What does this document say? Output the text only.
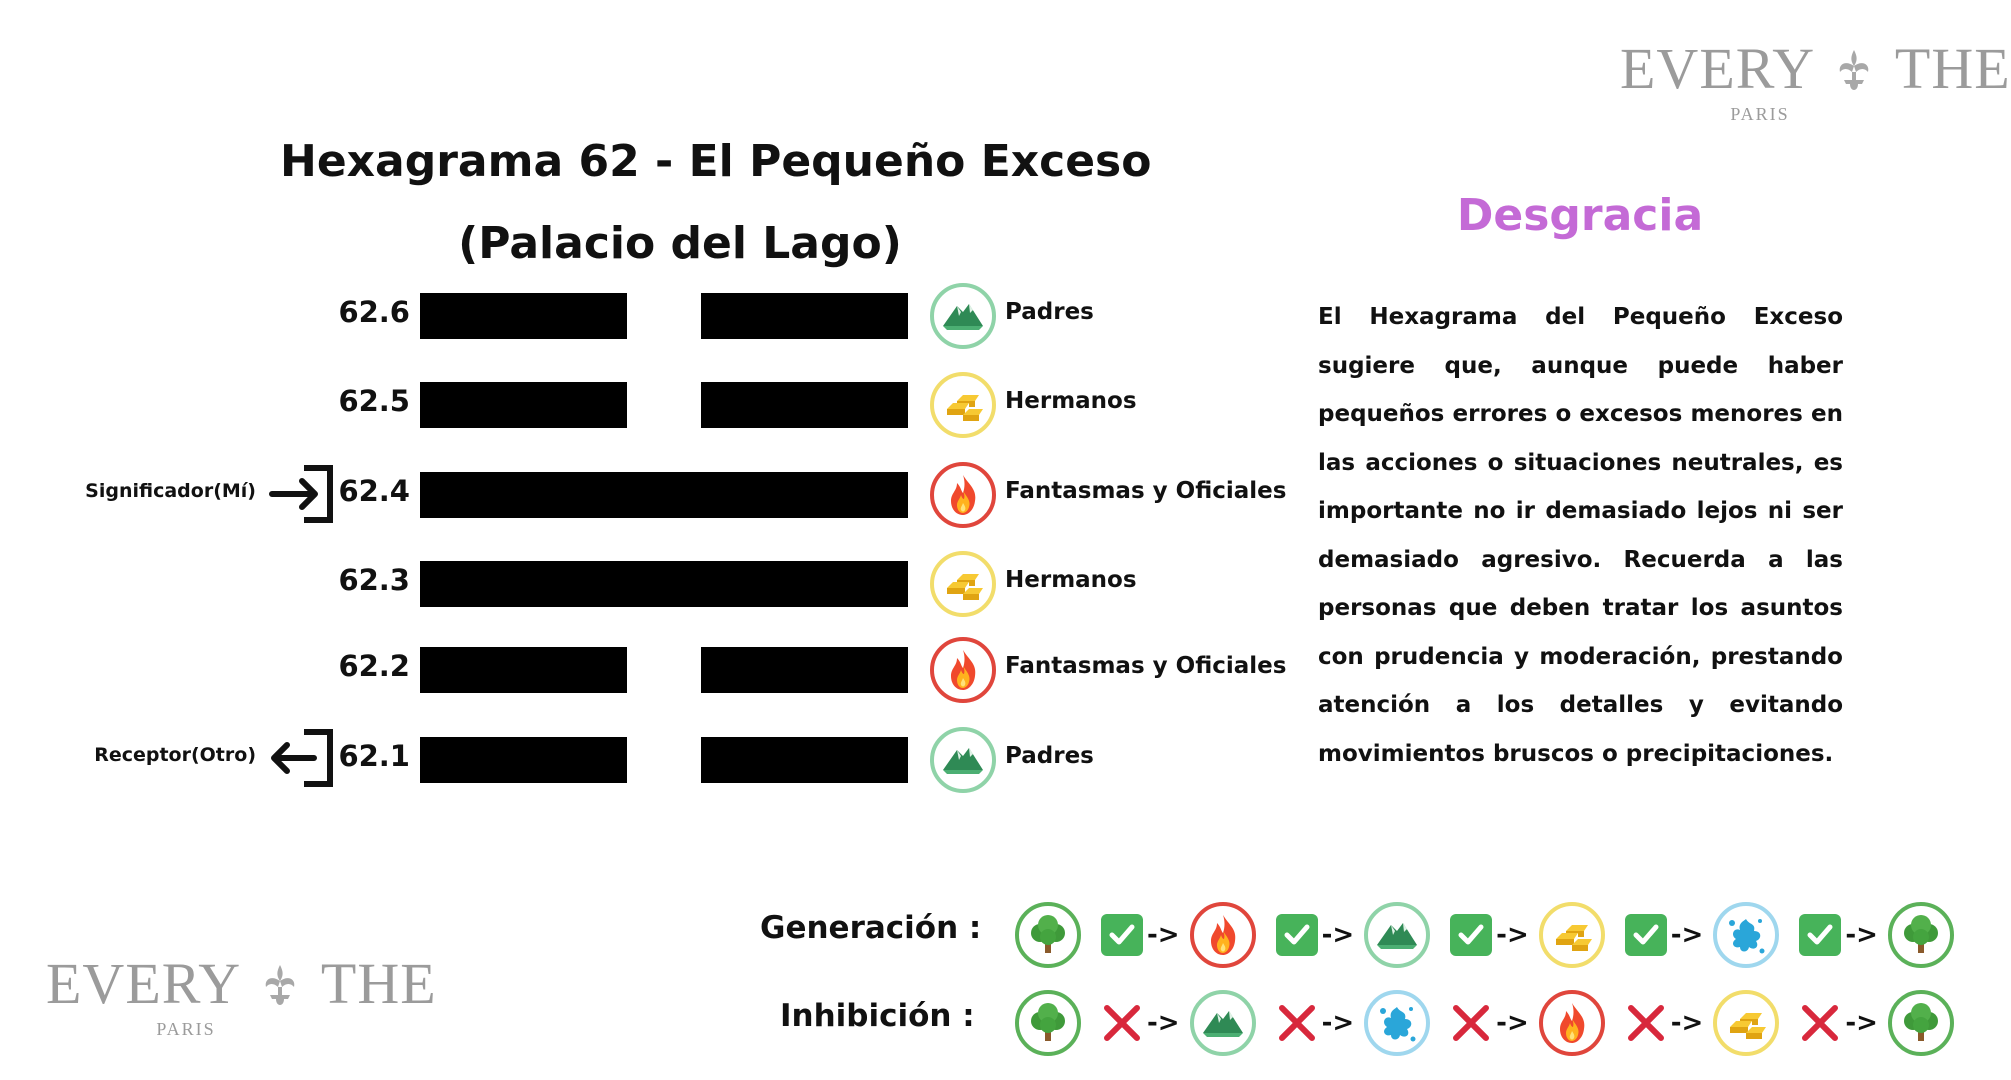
EVERY THE
PARIS
EVERY THE
PARIS
Hexagrama 62 - El Pequeño Exceso
(Palacio del Lago)
62.6	Padres
62.5	Hermanos
62.4	Fantasmas y Oficiales
62.3	Hermanos
62.2	Fantasmas y Oficiales
62.1	Padres
Significador(Mí)
Receptor(Otro)
Desgracia
El Hexagrama del Pequeño Exceso sugiere que, aunque puede haber pequeños errores o excesos menores en las acciones o situaciones neutrales, es importante no ir demasiado lejos ni ser demasiado agresivo. Recuerda a las personas que deben tratar los asuntos con prudencia y moderación, prestando atención a los detalles y evitando movimientos bruscos o precipitaciones.
Generación :	->	->	->	->	->
Inhibición :	->	->	->	->	->
